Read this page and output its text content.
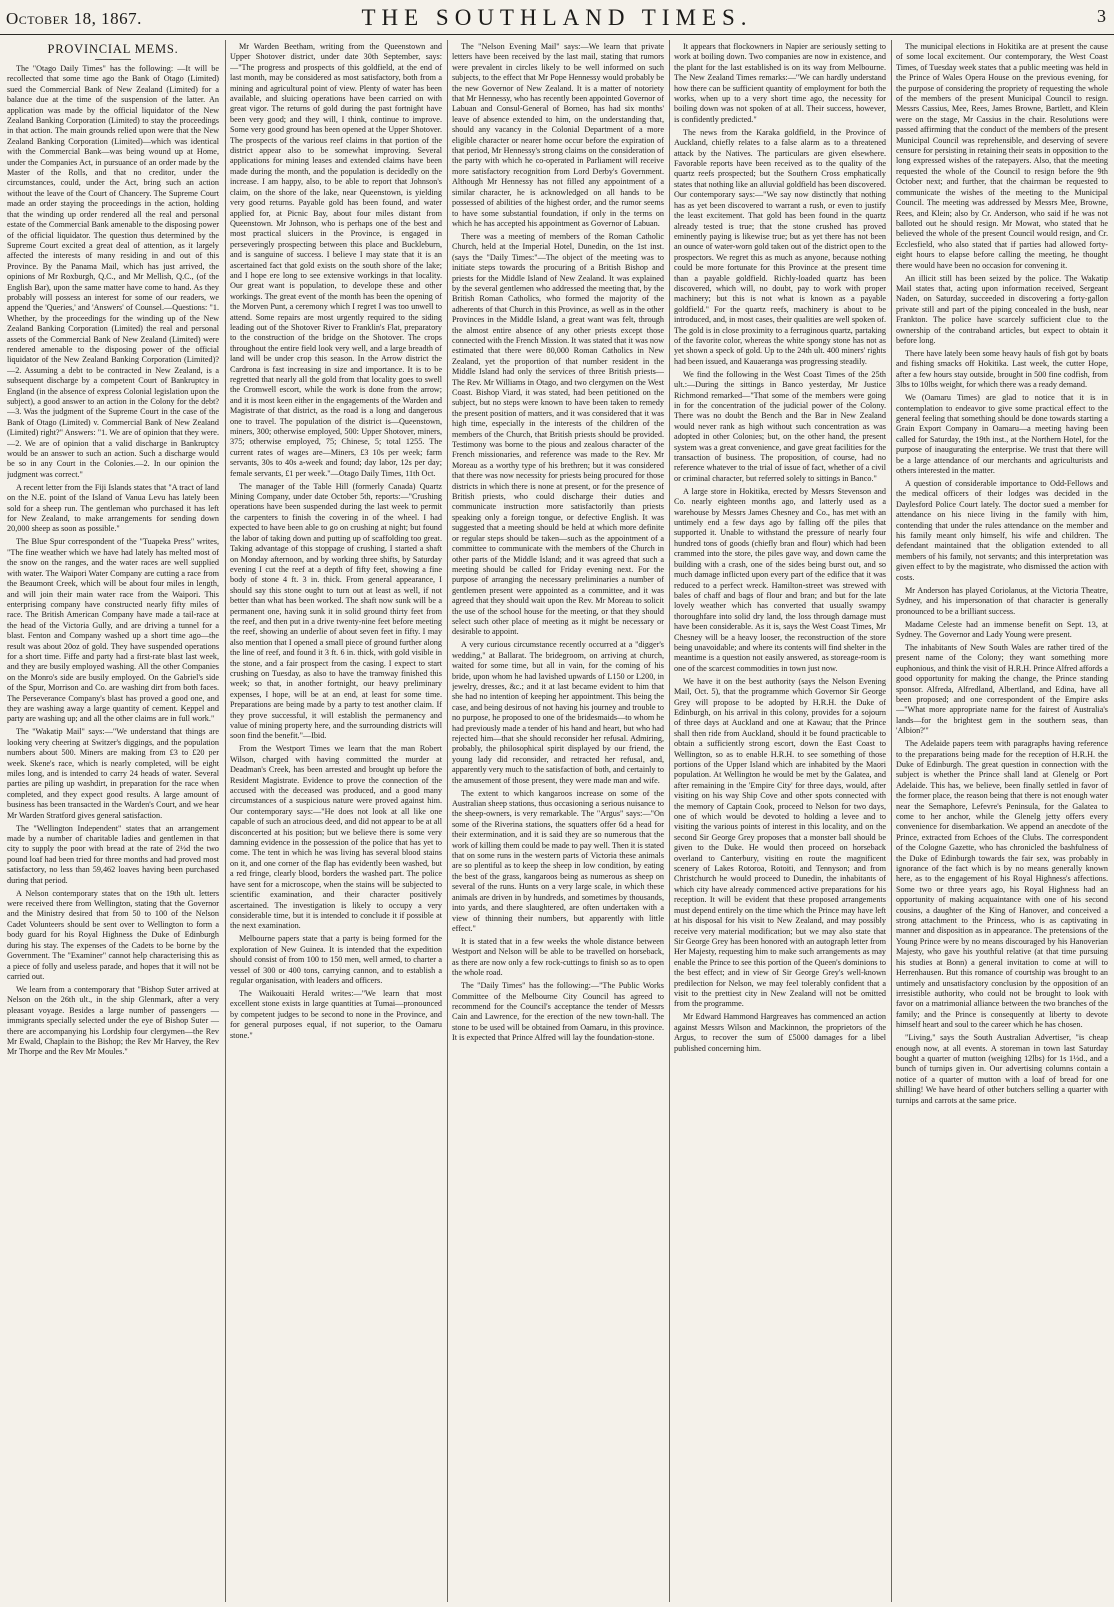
October 18, 1867.	THE SOUTHLAND TIMES.	3
PROVINCIAL MEMS.

The "Otago Daily Times" has the following: —It will be recollected that some time ago the Bank of Otago (Limited) sued the Commercial Bank of New Zealand (Limited) for a balance due at the time of the suspension of the latter. An application was made by the official liquidator of the New Zealand Banking Corporation (Limited) to stay the proceedings in that action. The main grounds relied upon were that the New Zealand Banking Corporation (Limited)—which was identical with the Commercial Bank—was being wound up at Home, under the Companies Act, in pursuance of an order made by the Master of the Rolls, and that no creditor, under the circumstances, could, under the Act, bring such an action without the leave of the Court of Chancery. The Supreme Court made an order staying the proceedings in the action, holding that the winding up order rendered all the real and personal estate of the Commercial Bank amenable to the disposing power of the official liquidator. The question thus determined by the Supreme Court excited a great deal of attention, as it largely affected the interests of many residing in and out of this Province. By the Panama Mail, which has just arrived, the opinions of Mr Roxburgh, Q.C., and Mr Mellish, Q.C., (of the English Bar), upon the same matter have come to hand. As they probably will possess an interest for some of our readers, we append the 'Queries,' and 'Answers' of Counsel.—Questions: "1. Whether, by the proceedings for the winding up of the New Zealand Banking Corporation (Limited) the real and personal assets of the Commercial Bank of New Zealand (Limited) were rendered amenable to the disposing power of the official liquidator of the New Zealand Banking Corporation (Limited)?—2. Assuming a debt to be contracted in New Zealand, is a subsequent discharge by a competent Court of Bankruptcy in England (in the absence of express Colonial legislation upon the subject), a good answer to an action in the Colony for the debt?—3. Was the judgment of the Supreme Court in the case of the Bank of Otago (Limited) v. Commercial Bank of New Zealand (Limited) right?" Answers: "1. We are of opinion that they were.—2. We are of opinion that a valid discharge in Bankruptcy would be an answer to such an action. Such a discharge would be so in any Court in the Colonies.—2. In our opinion the judgment was correct."

A recent letter from the Fiji Islands states that "A tract of land on the N.E. point of the Island of Vanua Levu has lately been sold for a sheep run. The gentleman who purchased it has left for New Zealand, to make arrangements for sending down 20,000 sheep as soon as possible."

The Blue Spur correspondent of the "Tuapeka Press" writes, "The fine weather which we have had lately has melted most of the snow on the ranges, and the water races are well supplied with water. The Waipori Water Company are cutting a race from the Beaumont Creek, which will be about four miles in length, and will join their main water race from the Waipori. This enterprising company have constructed nearly fifty miles of race. The British American Company have made a tail-race at the head of the Victoria Gully, and are driving a tunnel for a blast. Fenton and Company washed up a short time ago—the result was about 20oz of gold. They have suspended operations for a short time. Fiffe and party had a first-rate blast last week, and they are busily employed washing. All the other Companies on the Monro's side are busily employed. On the Gabriel's side of the Spur, Morrison and Co. are washing dirt from both faces. The Perseverance Company's blast has proved a good one, and they are washing away a large quantity of cement. Keppel and party are washing up; and all the other claims are in full work."

The "Wakatip Mail" says:—"We understand that things are looking very cheering at Switzer's diggings, and the population numbers about 500. Miners are making from £3 to £20 per week. Skene's race, which is nearly completed, will be eight miles long, and is intended to carry 24 heads of water. Several parties are piling up washdirt, in preparation for the race when completed, and they expect good results. A large amount of business has been transacted in the Warden's Court, and we hear Mr Warden Stratford gives general satisfaction.

The "Wellington Independent" states that an arrangement made by a number of charitable ladies and gentlemen in that city to supply the poor with bread at the rate of 2½d the two pound loaf had been tried for three months and had proved most satisfactory, no less than 59,462 loaves having been purchased during that period.

A Nelson contemporary states that on the 19th ult. letters were received there from Wellington, stating that the Governor and the Ministry desired that from 50 to 100 of the Nelson Cadet Volunteers should be sent over to Wellington to form a body guard for his Royal Highness the Duke of Edinburgh during his stay. The expenses of the Cadets to be borne by the Government. The "Examiner" cannot help characterising this as a piece of folly and useless parade, and hopes that it will not be carried out.

We learn from a contemporary that "Bishop Suter arrived at Nelson on the 26th ult., in the ship Glenmark, after a very pleasant voyage. Besides a large number of passengers — immigrants specially selected under the eye of Bishop Suter —there are accompanying his Lordship four clergymen—the Rev Mr Ewald, Chaplain to the Bishop; the Rev Mr Harvey, the Rev Mr Thorpe and the Rev Mr Moules."

Mr Warden Beetham, writing from the Queenstown and Upper Shotover district, under date 30th September, says:—"The progress and prospects of this goldfield, at the end of last month, may be considered as most satisfactory, both from a mining and agricultural point of view. Plenty of water has been available, and sluicing operations have been carried on with great vigor. The returns of gold during the past fortnight have been very good; and they will, I think, continue to improve. Some very good ground has been opened at the Upper Shotover. The prospects of the various reef claims in that portion of the district appear also to be somewhat improving. Several applications for mining leases and extended claims have been made during the month, and the population is decidedly on the increase. I am happy, also, to be able to report that Johnson's claim, on the shore of the lake, near Queenstown, is yielding very good returns. Payable gold has been found, and water applied for, at Picnic Bay, about four miles distant from Queenstown. Mr Johnson, who is perhaps one of the best and most practical sluicers in the Province, is engaged in perseveringly prospecting between this place and Buckleburn, and is sanguine of success. I believe I may state that it is an ascertained fact that gold exists on the south shore of the lake; and I hope ere long to see extensive workings in that locality. Our great want is population, to develope these and other workings. The great event of the month has been the opening of the Morven Punt, a ceremony which I regret I was too unwell to attend. Some repairs are most urgently required to the siding leading out of the Shotover River to Franklin's Flat, preparatory to the construction of the bridge on the Shotover. The crops throughout the entire field look very well, and a large breadth of land will be under crop this season. In the Arrow district the Cardrona is fast increasing in size and importance. It is to be regretted that nearly all the gold from that locality goes to swell the Cromwell escort, while the work is done from the arrow; and it is most keen either in the engagements of the Warden and Magistrate of that district, as the road is a long and dangerous one to travel. The population of the district is—Queenstown, miners, 300; otherwise employed, 500: Upper Shotover, miners, 375; otherwise employed, 75; Chinese, 5; total 1255. The current rates of wages are—Miners, £3 10s per week; farm servants, 30s to 40s a-week and found; day labor, 12s per day; female servants, £1 per week."—Otago Daily Times, 11th Oct.

The manager of the Table Hill (formerly Canada) Quartz Mining Company, under date October 5th, reports:—"Crushing operations have been suspended during the last week to permit the carpenters to finish the covering in of the wheel. I had expected to have been able to go on crushing at night; but found the labor of taking down and putting up of scaffolding too great. Taking advantage of this stoppage of crushing, I started a shaft on Monday afternoon, and by working three shifts, by Saturday evening I cut the reef at a depth of fifty feet, showing a fine body of stone 4 ft. 3 in. thick. From general appearance, I should say this stone ought to turn out at least as well, if not better than what has been worked. The shaft now sunk will be a permanent one, having sunk it in solid ground thirty feet from the reef, and then put in a drive twenty-nine feet before meeting the reef, showing an underlie of about seven feet in fifty. I may also mention that I opened a small piece of ground further along the line of reef, and found it 3 ft. 6 in. thick, with gold visible in the stone, and a fair prospect from the casing. I expect to start crushing on Tuesday, as also to have the tramway finished this week; so that, in another fortnight, our heavy preliminary expenses, I hope, will be at an end, at least for some time. Preparations are being made by a party to test another claim. If they prove successful, it will establish the permanency and value of mining property here, and the surrounding districts will soon find the benefit."—Ibid.

From the Westport Times we learn that the man Robert Wilson, charged with having committed the murder at Deadman's Creek, has been arrested and brought up before the Resident Magistrate. Evidence to prove the connection of the accused with the deceased was produced, and a good many circumstances of a suspicious nature were proved against him. Our contemporary says:—"He does not look at all like one capable of such an atrocious deed, and did not appear to be at all disconcerted at his position; but we believe there is some very damning evidence in the possession of the police that has yet to come. The tent in which he was living has several blood stains on it, and one corner of the flap has evidently been washed, but a red fringe, clearly blood, borders the washed part. The police have sent for a microscope, when the stains will be subjected to scientific examination, and their character positively ascertained. The investigation is likely to occupy a very considerable time, but it is intended to conclude it if possible at the next examination.

Melbourne papers state that a party is being formed for the exploration of New Guinea. It is intended that the expedition should consist of from 100 to 150 men, well armed, to charter a vessel of 300 or 400 tons, carrying cannon, and to establish a regular organisation, with leaders and officers.

The Waikouaiti Herald writes:—"We learn that most excellent stone exists in large quantities at Tumai—pronounced by competent judges to be second to none in the Province, and for general purposes equal, if not superior, to the Oamaru stone."

The "Nelson Evening Mail" says:—We learn that private letters have been received by the last mail, stating that rumors were prevalent in circles likely to be well informed on such subjects, to the effect that Mr Pope Hennessy would probably be the new Governor of New Zealand. It is a matter of notoriety that Mr Hennessy, who has recently been appointed Governor of Labuan and Consul-General of Borneo, has had six months' leave of absence extended to him, on the understanding that, should any vacancy in the Colonial Department of a more eligible character or nearer home occur before the expiration of that period, Mr Hennessy's strong claims on the consideration of the party with which he co-operated in Parliament will receive more satisfactory recognition from Lord Derby's Government. Although Mr Hennessy has not filled any appointment of a similar character, he is acknowledged on all hands to be possessed of abilities of the highest order, and the rumor seems to have some substantial foundation, if only in the terms on which he has accepted his appointment as Governor of Labuan.

There was a meeting of members of the Roman Catholic Church, held at the Imperial Hotel, Dunedin, on the 1st inst. (says the "Daily Times:"—The object of the meeting was to initiate steps towards the procuring of a British Bishop and priests for the Middle Island of New Zealand. It was explained by the several gentlemen who addressed the meeting that, by the British Roman Catholics, who formed the majority of the adherents of that Church in this Province, as well as in the other Provinces in the Middle Island, a great want was felt, through the almost entire absence of any other priests except those connected with the French Mission. It was stated that it was now estimated that there were 80,000 Roman Catholics in New Zealand, yet the proportion of that number resident in the Middle Island had only the services of three British priests—The Rev. Mr Williams in Otago, and two clergymen on the West Coast. Bishop Viard, it was stated, had been petitioned on the subject, but no steps were known to have been taken to remedy the present position of matters, and it was considered that it was high time, especially in the interests of the children of the members of the Church, that British priests should be provided. Testimony was borne to the pious and zealous character of the French missionaries, and reference was made to the Rev. Mr Moreau as a worthy type of his brethren; but it was considered that there was now necessity for priests being procured for those districts in which there is none at present, or for the presence of British priests, who could discharge their duties and communicate instruction more satisfactorily than priests speaking only a foreign tongue, or defective English. It was suggested that a meeting should be held at which more definite or regular steps should be taken—such as the appointment of a committee to communicate with the members of the Church in other parts of the Middle Island; and it was agreed that such a meeting should be called for Friday evening next. For the purpose of arranging the necessary preliminaries a number of gentlemen present were appointed as a committee, and it was agreed that they should wait upon the Rev. Mr Moreau to solicit the use of the school house for the meeting, or that they should select such other place of meeting as it might be necessary or desirable to appoint.

A very curious circumstance recently occurred at a "digger's wedding," at Ballarat. The bridegroom, on arriving at church, waited for some time, but all in vain, for the coming of his bride, upon whom he had lavished upwards of L150 or L200, in jewelry, dresses, &c.; and it at last became evident to him that she had no intention of keeping her appointment. This being the case, and being desirous of not having his journey and trouble to no purpose, he proposed to one of the bridesmaids—to whom he had previously made a tender of his hand and heart, but who had rejected him—that she should reconsider her refusal. Admiring, probably, the philosophical spirit displayed by our friend, the young lady did reconsider, and retracted her refusal, and, apparently very much to the satisfaction of both, and certainly to the amusement of those present, they were made man and wife.

The extent to which kangaroos increase on some of the Australian sheep stations, thus occasioning a serious nuisance to the sheep-owners, is very remarkable. The "Argus" says:—"On some of the Riverina stations, the squatters offer 6d a head for their extermination, and it is said they are so numerous that the work of killing them could be made to pay well. Then it is stated that on some runs in the western parts of Victoria these animals are so plentiful as to keep the sheep in low condition, by eating the best of the grass, kangaroos being as numerous as sheep on several of the runs. Hunts on a very large scale, in which these animals are driven in by hundreds, and sometimes by thousands, into yards, and there slaughtered, are often undertaken with a view of thinning their numbers, but apparently with little effect."

It is stated that in a few weeks the whole distance between Westport and Nelson will be able to be travelled on horseback, as there are now only a few rock-cuttings to finish so as to open the whole road.

The "Daily Times" has the following:—"The Public Works Committee of the Melbourne City Council has agreed to recommend for the Council's acceptance the tender of Messrs Cain and Lawrence, for the erection of the new town-hall. The stone to be used will be obtained from Oamaru, in this province. It is expected that Prince Alfred will lay the foundation-stone.

It appears that flockowners in Napier are seriously setting to work at boiling down. Two companies are now in existence, and the plant for the last established is on its way from Melbourne. The New Zealand Times remarks:—"We can hardly understand how there can be sufficient quantity of employment for both the works, when up to a very short time ago, the necessity for boiling down was not spoken of at all. Their success, however, is confidently predicted."

The news from the Karaka goldfield, in the Province of Auckland, chiefly relates to a false alarm as to a threatened attack by the Natives. The particulars are given elsewhere. Favorable reports have been received as to the quality of the quartz reefs prospected; but the Southern Cross emphatically states that nothing like an alluvial goldfield has been discovered. Our contemporary says:—"We say now distinctly that nothing has as yet been discovered to warrant a rush, or even to justify the least excitement. That gold has been found in the quartz already tested is true; that the stone crushed has proved eminently paying is likewise true; but as yet there has not been an ounce of water-worn gold taken out of the district open to the prospectors. We regret this as much as anyone, because nothing could be more fortunate for this Province at the present time than a payable goldfield. Richly-loaded quartz has been discovered, which will, no doubt, pay to work with proper machinery; but this is not what is known as a payable goldfield." For the quartz reefs, machinery is about to be introduced, and, in most cases, their qualities are well spoken of. The gold is in close proximity to a ferruginous quartz, partaking of the favorite color, whereas the white spongy stone has not as yet shown a speck of gold. Up to the 24th ult. 400 miners' rights had been issued, and Kauaeranga was progressing steadily.

We find the following in the West Coast Times of the 25th ult.:—During the sittings in Banco yesterday, Mr Justice Richmond remarked—"That some of the members were going in for the concentration of the judicial power of the Colony. There was no doubt the Bench and the Bar in New Zealand would never rank as high without such concentration as was adopted in other Colonies; but, on the other hand, the present system was a great convenience, and gave great facilities for the transaction of business. The proposition, of course, had no reference whatever to the trial of issue of fact, whether of a civil or criminal character, but referred solely to sittings in Banco."

A large store in Hokitika, erected by Messrs Stevenson and Co. nearly eighteen months ago, and latterly used as a warehouse by Messrs James Chesney and Co., has met with an untimely end a few days ago by falling off the piles that supported it. Unable to withstand the pressure of nearly four hundred tons of goods (chiefly bran and flour) which had been crammed into the store, the piles gave way, and down came the building with a crash, one of the sides being burst out, and so much damage inflicted upon every part of the edifice that it was reduced to a perfect wreck. Hamilton-street was strewed with bales of chaff and bags of flour and bran; and but for the late lovely weather which has converted that usually swampy thoroughfare into solid dry land, the loss through damage must have been considerable. As it is, says the West Coast Times, Mr Chesney will be a heavy looser, the reconstruction of the store being unavoidable; and where its contents will find shelter in the meantime is a question not easily answered, as storeage-room is one of the scarcest commodities in town just now.

We have it on the best authority (says the Nelson Evening Mail, Oct. 5), that the programme which Governor Sir George Grey will propose to be adopted by H.R.H. the Duke of Edinburgh, on his arrival in this colony, provides for a sojourn of three days at Auckland and one at Kawau; that the Prince shall then ride from Auckland, should it be found practicable to obtain a sufficiently strong escort, down the East Coast to Wellington, so as to enable H.R.H. to see something of those portions of the Upper Island which are inhabited by the Maori population. At Wellington he would be met by the Galatea, and after remaining in the 'Empire City' for three days, would, after visiting on his way Ship Cove and other spots connected with the memory of Captain Cook, proceed to Nelson for two days, one of which would be devoted to holding a levee and to visiting the various points of interest in this locality, and on the second Sir George Grey proposes that a monster ball should be given to the Duke. He would then proceed on horseback overland to Canterbury, visiting en route the magnificent scenery of Lakes Rotoroa, Rotoiti, and Tennyson; and from Christchurch he would proceed to Dunedin, the inhabitants of which city have already commenced active preparations for his reception. It will be evident that these proposed arrangements must depend entirely on the time which the Prince may have left at his disposal for his visit to New Zealand, and may possibly receive very material modification; but we may also state that Sir George Grey has been honored with an autograph letter from Her Majesty, requesting him to make such arrangements as may enable the Prince to see this portion of the Queen's dominions to the best effect; and in view of Sir George Grey's well-known predilection for Nelson, we may feel tolerably confident that a visit to the prettiest city in New Zealand will not be omitted from the programme.

Mr Edward Hammond Hargreaves has commenced an action against Messrs Wilson and Mackinnon, the proprietors of the Argus, to recover the sum of £5000 damages for a libel published concerning him.

The municipal elections in Hokitika are at present the cause of some local excitement. Our contemporary, the West Coast Times, of Tuesday week states that a public meeting was held in the Prince of Wales Opera House on the previous evening, for the purpose of considering the propriety of requesting the whole of the members of the present Municipal Council to resign. Messrs Cassius, Mee, Rees, James Browne, Bartlett, and Klein were on the stage, Mr Cassius in the chair. Resolutions were passed affirming that the conduct of the members of the present Municipal Council was reprehensible, and deserving of severe censure for persisting in retaining their seats in opposition to the long expressed wishes of the ratepayers. Also, that the meeting requested the whole of the Council to resign before the 9th October next; and further, that the chairman be requested to communicate the wishes of the meeting to the Municipal Council. The meeting was addressed by Messrs Mee, Browne, Rees, and Klein; also by Cr. Anderson, who said if he was not balloted out he should resign. Mr Mowat, who stated that he believed the whole of the present Council would resign, and Cr. Ecclesfield, who also stated that if parties had allowed forty-eight hours to elapse before calling the meeting, he thought there would have been no occasion for convening it.

An illicit still has been seized by the police. The Wakatip Mail states that, acting upon information received, Sergeant Naden, on Saturday, succeeded in discovering a forty-gallon private still and part of the piping concealed in the bush, near Frankton. The police have scarcely sufficient clue to the ownership of the contraband articles, but expect to obtain it before long.

There have lately been some heavy hauls of fish got by boats and fishing smacks off Hokitika. Last week, the cutter Hope, after a few hours stay outside, brought in 500 fine codfish, from 3lbs to 10lbs weight, for which there was a ready demand.

We (Oamaru Times) are glad to notice that it is in contemplation to endeavor to give some practical effect to the general feeling that something should be done towards starting a Grain Export Company in Oamaru—a meeting having been called for Saturday, the 19th inst., at the Northern Hotel, for the purpose of inaugurating the enterprise. We trust that there will be a large attendance of our merchants and agriculturists and others interested in the matter.

A question of considerable importance to Odd-Fellows and the medical officers of their lodges was decided in the Daylesford Police Court lately. The doctor sued a member for attendance on his niece living in the family with him, contending that under the rules attendance on the member and his family meant only himself, his wife and children. The defendant maintained that the obligation extended to all members of his family, not servants; and this interpretation was given effect to by the magistrate, who dismissed the action with costs.

Mr Anderson has played Coriolanus, at the Victoria Theatre, Sydney, and his impersonation of that character is generally pronounced to be a brilliant success.

Madame Celeste had an immense benefit on Sept. 13, at Sydney. The Governor and Lady Young were present.

The inhabitants of New South Wales are rather tired of the present name of the Colony; they want something more euphonious, and think the visit of H.R.H. Prince Alfred affords a good opportunity for making the change, the Prince standing sponsor. Alfreda, Alfredland, Albertland, and Edina, have all been proposed; and one correspondent of the Empire asks—"What more appropriate name for the fairest of Australia's lands—for the brightest gem in the southern seas, than 'Albion?'"

The Adelaide papers teem with paragraphs having reference to the preparations being made for the reception of H.R.H. the Duke of Edinburgh. The great question in connection with the subject is whether the Prince shall land at Glenelg or Port Adelaide. This has, we believe, been finally settled in favor of the former place, the reason being that there is not enough water near the Semaphore, Lefevre's Peninsula, for the Galatea to come to her anchor, while the Glenelg jetty offers every convenience for disembarkation. We append an anecdote of the Prince, extracted from Echoes of the Clubs. The correspondent of the Cologne Gazette, who has chronicled the bashfulness of the Duke of Edinburgh towards the fair sex, was probably in ignorance of the fact which is by no means generally known here, as to the engagement of his Royal Highness's affections. Some two or three years ago, his Royal Highness had an opportunity of making acquaintance with one of his second cousins, a daughter of the King of Hanover, and conceived a strong attachment to the Princess, who is as captivating in manner and disposition as in appearance. The pretensions of the Young Prince were by no means discouraged by his Hanoverian Majesty, who gave his youthful relative (at that time pursuing his studies at Bonn) a general invitation to come at will to Herrenhausen. But this romance of courtship was brought to an untimely and unsatisfactory conclusion by the opposition of an irresistible authority, who could not be brought to look with favor on a matrimonial alliance between the two branches of the family; and the Prince is consequently at liberty to devote himself heart and soul to the career which he has chosen.

"Living," says the South Australian Advertiser, "is cheap enough now, at all events. A storeman in town last Saturday bought a quarter of mutton (weighing 12lbs) for 1s 1½d., and a bunch of turnips given in. Our advertising columns contain a notice of a quarter of mutton with a loaf of bread for one shilling! We have heard of other butchers selling a quarter with turnips and carrots at the same price.
